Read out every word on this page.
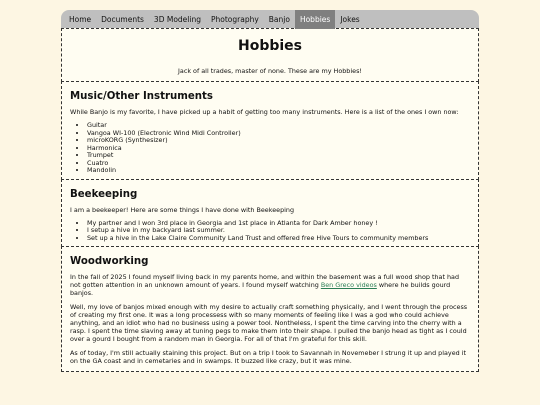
Home	Documents	3D Modeling	Photography	Banjo	Hobbies	Jokes
Hobbies

Jack of all trades, master of none. These are my Hobbies!

Music/Other Instruments

While Banjo is my favorite, I have picked up a habit of getting too many instruments. Here is a list of the ones I own now:

• Guitar
• Vangoa WI-100 (Electronic Wind Midi Controller)
• microKORG (Synthesizer)
• Harmonica
• Trumpet
• Cuatro
• Mandolin
Beekeeping

I am a beekeeper! Here are some things I have done with Beekeeping

• My partner and I won 3rd place in Georgia and 1st place in Atlanta for Dark Amber honey !
• I setup a hive in my backyard last summer.
• Set up a hive in the Lake Claire Community Land Trust and offered free Hive Tours to community members
Woodworking

In the fall of 2025 I found myself living back in my parents home, and within the basement was a full wood shop that had not gotten attention in an unknown amount of years. I found myself watching Ben Greco videos where he builds gourd banjos.

Well, my love of banjos mixed enough with my desire to actually craft something physically, and I went through the process of creating my first one. It was a long processess with so many moments of feeling like I was a god who could achieve anything, and an idiot who had no business using a power tool. Nontheless, I spent the time carving into the cherry with a rasp. I spent the time slaving away at tuning pegs to make them into their shape. I pulled the banjo head as tight as I could over a gourd I bought from a random man in Georgia. For all of that I'm grateful for this skill.

As of today, I'm still actually staining this project. But on a trip I took to Savannah in Novemeber I strung it up and played it on the GA coast and in cemetaries and in swamps. It buzzed like crazy, but it was mine.
